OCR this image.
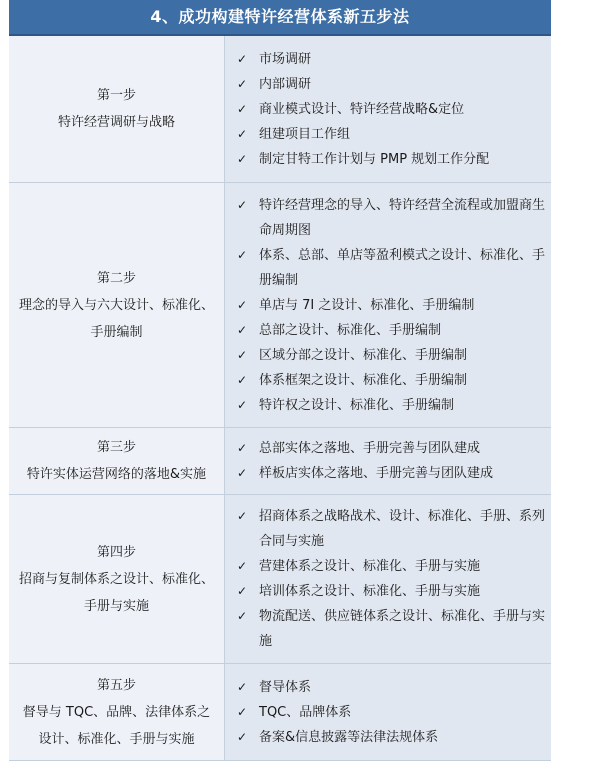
4、成功构建特许经营体系新五步法
第一步
特许经营调研与战略
✓ 市场调研
✓ 内部调研
✓ 商业模式设计、特许经营战略&定位
✓ 组建项目工作组
✓ 制定甘特工作计划与 PMP 规划工作分配
第二步
理念的导入与六大设计、标准化、
手册编制
✓ 特许经营理念的导入、特许经营全流程或加盟商生命周期图
✓ 体系、总部、单店等盈利模式之设计、标准化、手册编制
✓ 单店与 7I 之设计、标准化、手册编制
✓ 总部之设计、标准化、手册编制
✓ 区域分部之设计、标准化、手册编制
✓ 体系框架之设计、标准化、手册编制
✓ 特许权之设计、标准化、手册编制
第三步
特许实体运营网络的落地&实施
✓ 总部实体之落地、手册完善与团队建成
✓ 样板店实体之落地、手册完善与团队建成
第四步
招商与复制体系之设计、标准化、
手册与实施
✓ 招商体系之战略战术、设计、标准化、手册、系列合同与实施
✓ 营建体系之设计、标准化、手册与实施
✓ 培训体系之设计、标准化、手册与实施
✓ 物流配送、供应链体系之设计、标准化、手册与实施
第五步
督导与 TQC、品牌、法律体系之
设计、标准化、手册与实施
✓ 督导体系
✓ TQC、品牌体系
✓ 备案&信息披露等法律法规体系
